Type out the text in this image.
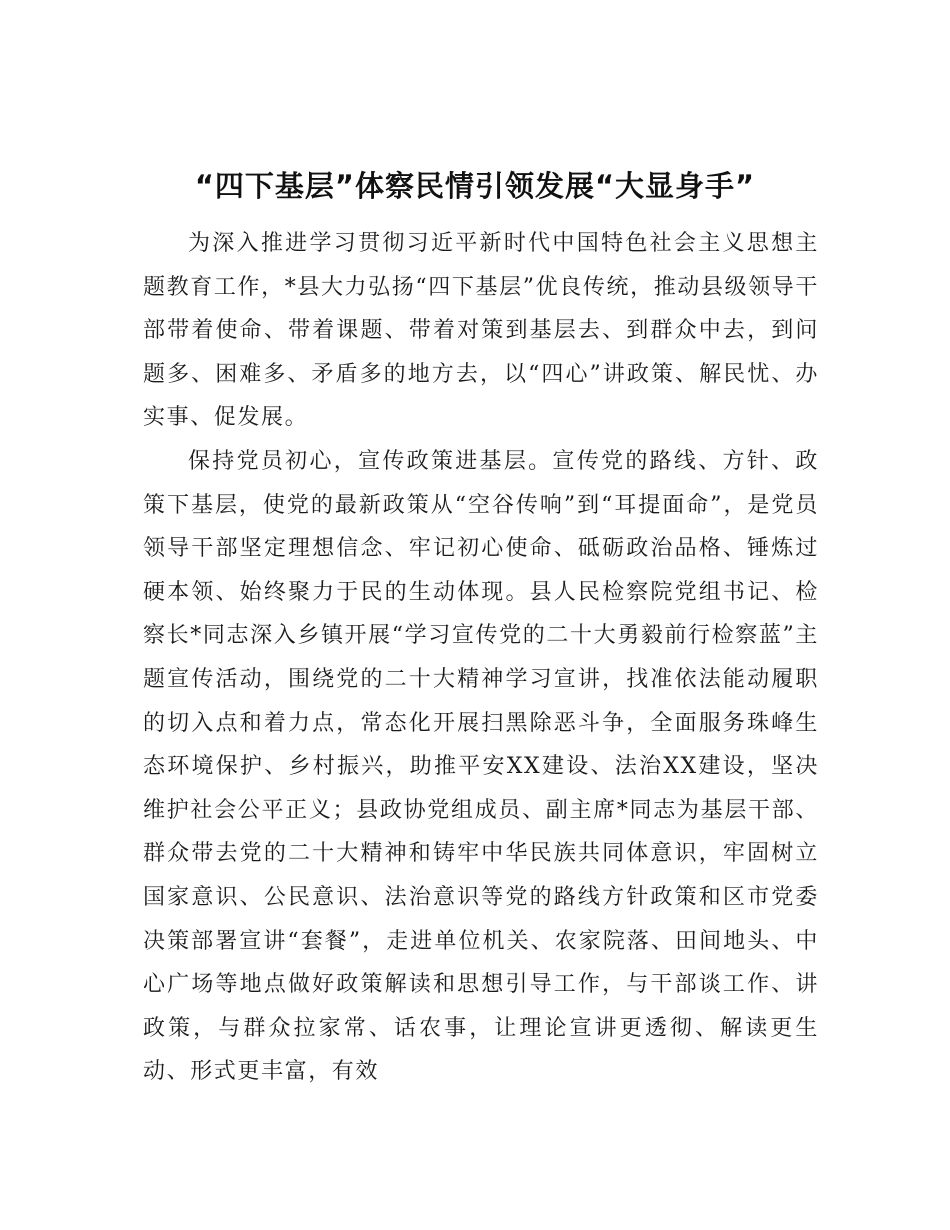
“四下基层”体察民情引领发展“大显身手”

为深入推进学习贯彻习近平新时代中国特色社会主义思想主题教育工作，*县大力弘扬“四下基层”优良传统，推动县级领导干部带着使命、带着课题、带着对策到基层去、到群众中去，到问题多、困难多、矛盾多的地方去，以“四心”讲政策、解民忧、办实事、促发展。

保持党员初心，宣传政策进基层。宣传党的路线、方针、政策下基层，使党的最新政策从“空谷传响”到“耳提面命”，是党员领导干部坚定理想信念、牢记初心使命、砥砺政治品格、锤炼过硬本领、始终聚力于民的生动体现。县人民检察院党组书记、检察长*同志深入乡镇开展“学习宣传党的二十大勇毅前行检察蓝”主题宣传活动，围绕党的二十大精神学习宣讲，找准依法能动履职的切入点和着力点，常态化开展扫黑除恶斗争，全面服务珠峰生态环境保护、乡村振兴，助推平安XX建设、法治XX建设，坚决维护社会公平正义；县政协党组成员、副主席*同志为基层干部、群众带去党的二十大精神和铸牢中华民族共同体意识，牢固树立国家意识、公民意识、法治意识等党的路线方针政策和区市党委决策部署宣讲“套餐”，走进单位机关、农家院落、田间地头、中心广场等地点做好政策解读和思想引导工作，与干部谈工作、讲政策，与群众拉家常、话农事，让理论宣讲更透彻、解读更生动、形式更丰富，有效
